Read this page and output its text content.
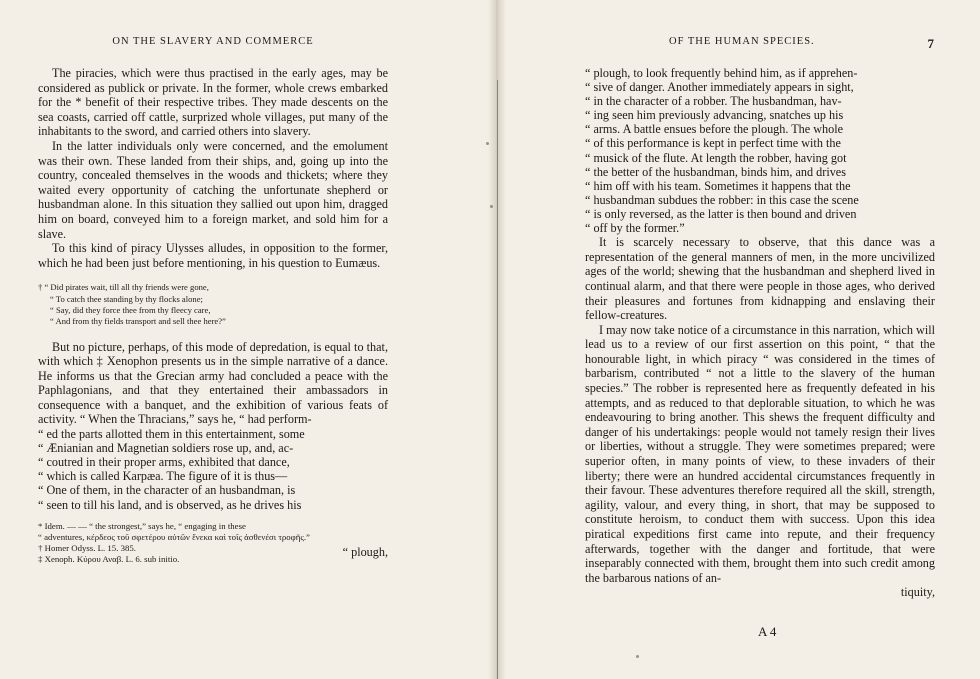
ON THE SLAVERY AND COMMERCE

The piracies, which were thus practised in the early ages, may be considered as publick or private. In the former, whole crews embarked for the * benefit of their respective tribes. They made descents on the sea coasts, carried off cattle, surprized whole villages, put many of the inhabitants to the sword, and carried others into slavery.

In the latter individuals only were concerned, and the emolument was their own. These landed from their ships, and, going up into the country, concealed themselves in the woods and thickets; where they waited every opportunity of catching the unfortunate shepherd or husbandman alone. In this situation they sallied out upon him, dragged him on board, conveyed him to a foreign market, and sold him for a slave.

To this kind of piracy Ulysses alludes, in opposition to the former, which he had been just before mentioning, in his question to Eumæus.

† “ Did pirates wait, till all thy friends were gone,
“ To catch thee standing by thy flocks alone;
“ Say, did they force thee from thy fleecy care,
“ And from thy fields transport and sell thee here?”

But no picture, perhaps, of this mode of depredation, is equal to that, with which ‡ Xenophon presents us in the simple narrative of a dance. He informs us that the Grecian army had concluded a peace with the Paphlagonians, and that they entertained their ambassadors in consequence with a banquet, and the exhibition of various feats of activity. “ When the Thracians,” says he, “ had perform-

“ ed the parts allotted them in this entertainment, some

“ Ænianian and Magnetian soldiers rose up, and, ac-

“ coutred in their proper arms, exhibited that dance,

“ which is called Karpæa. The figure of it is thus—

“ One of them, in the character of an husbandman, is

“ seen to till his land, and is observed, as he drives his

* Idem. — — “ the strongest,” says he, “ engaging in these
“ adventures, κέρδεος τοῦ σφετέρου αὐτῶν ἕνεκα καὶ τοῖς ἀσθενέσι τροφῆς.”
† Homer Odyss. L. 15. 385.
‡ Xenoph. Κύρου Αναβ. L. 6. sub initio.	“ plough,
OF THE HUMAN SPECIES.	7

“ plough, to look frequently behind him, as if apprehen-

“ sive of danger. Another immediately appears in sight,

“ in the character of a robber. The husbandman, hav-

“ ing seen him previously advancing, snatches up his

“ arms. A battle ensues before the plough. The whole

“ of this performance is kept in perfect time with the

“ musick of the flute. At length the robber, having got

“ the better of the husbandman, binds him, and drives

“ him off with his team. Sometimes it happens that the

“ husbandman subdues the robber: in this case the scene

“ is only reversed, as the latter is then bound and driven

“ off by the former.”

It is scarcely necessary to observe, that this dance was a representation of the general manners of men, in the more uncivilized ages of the world; shewing that the husbandman and shepherd lived in continual alarm, and that there were people in those ages, who derived their pleasures and fortunes from kidnapping and enslaving their fellow-creatures.

I may now take notice of a circumstance in this narration, which will lead us to a review of our first assertion on this point, “ that the honourable light, in which piracy “ was considered in the times of barbarism, contributed “ not a little to the slavery of the human species.” The robber is represented here as frequently defeated in his attempts, and as reduced to that deplorable situation, to which he was endeavouring to bring another. This shews the frequent difficulty and danger of his undertakings: people would not tamely resign their lives or liberties, without a struggle. They were sometimes prepared; were superior often, in many points of view, to these invaders of their liberty; there were an hundred accidental circumstances frequently in their favour. These adventures therefore required all the skill, strength, agility, valour, and every thing, in short, that may be supposed to constitute heroism, to conduct them with success. Upon this idea piratical expeditions first came into repute, and their frequency afterwards, together with the danger and fortitude, that were inseparably connected with them, brought them into such credit among the barbarous nations of an-

tiquity,
A 4
